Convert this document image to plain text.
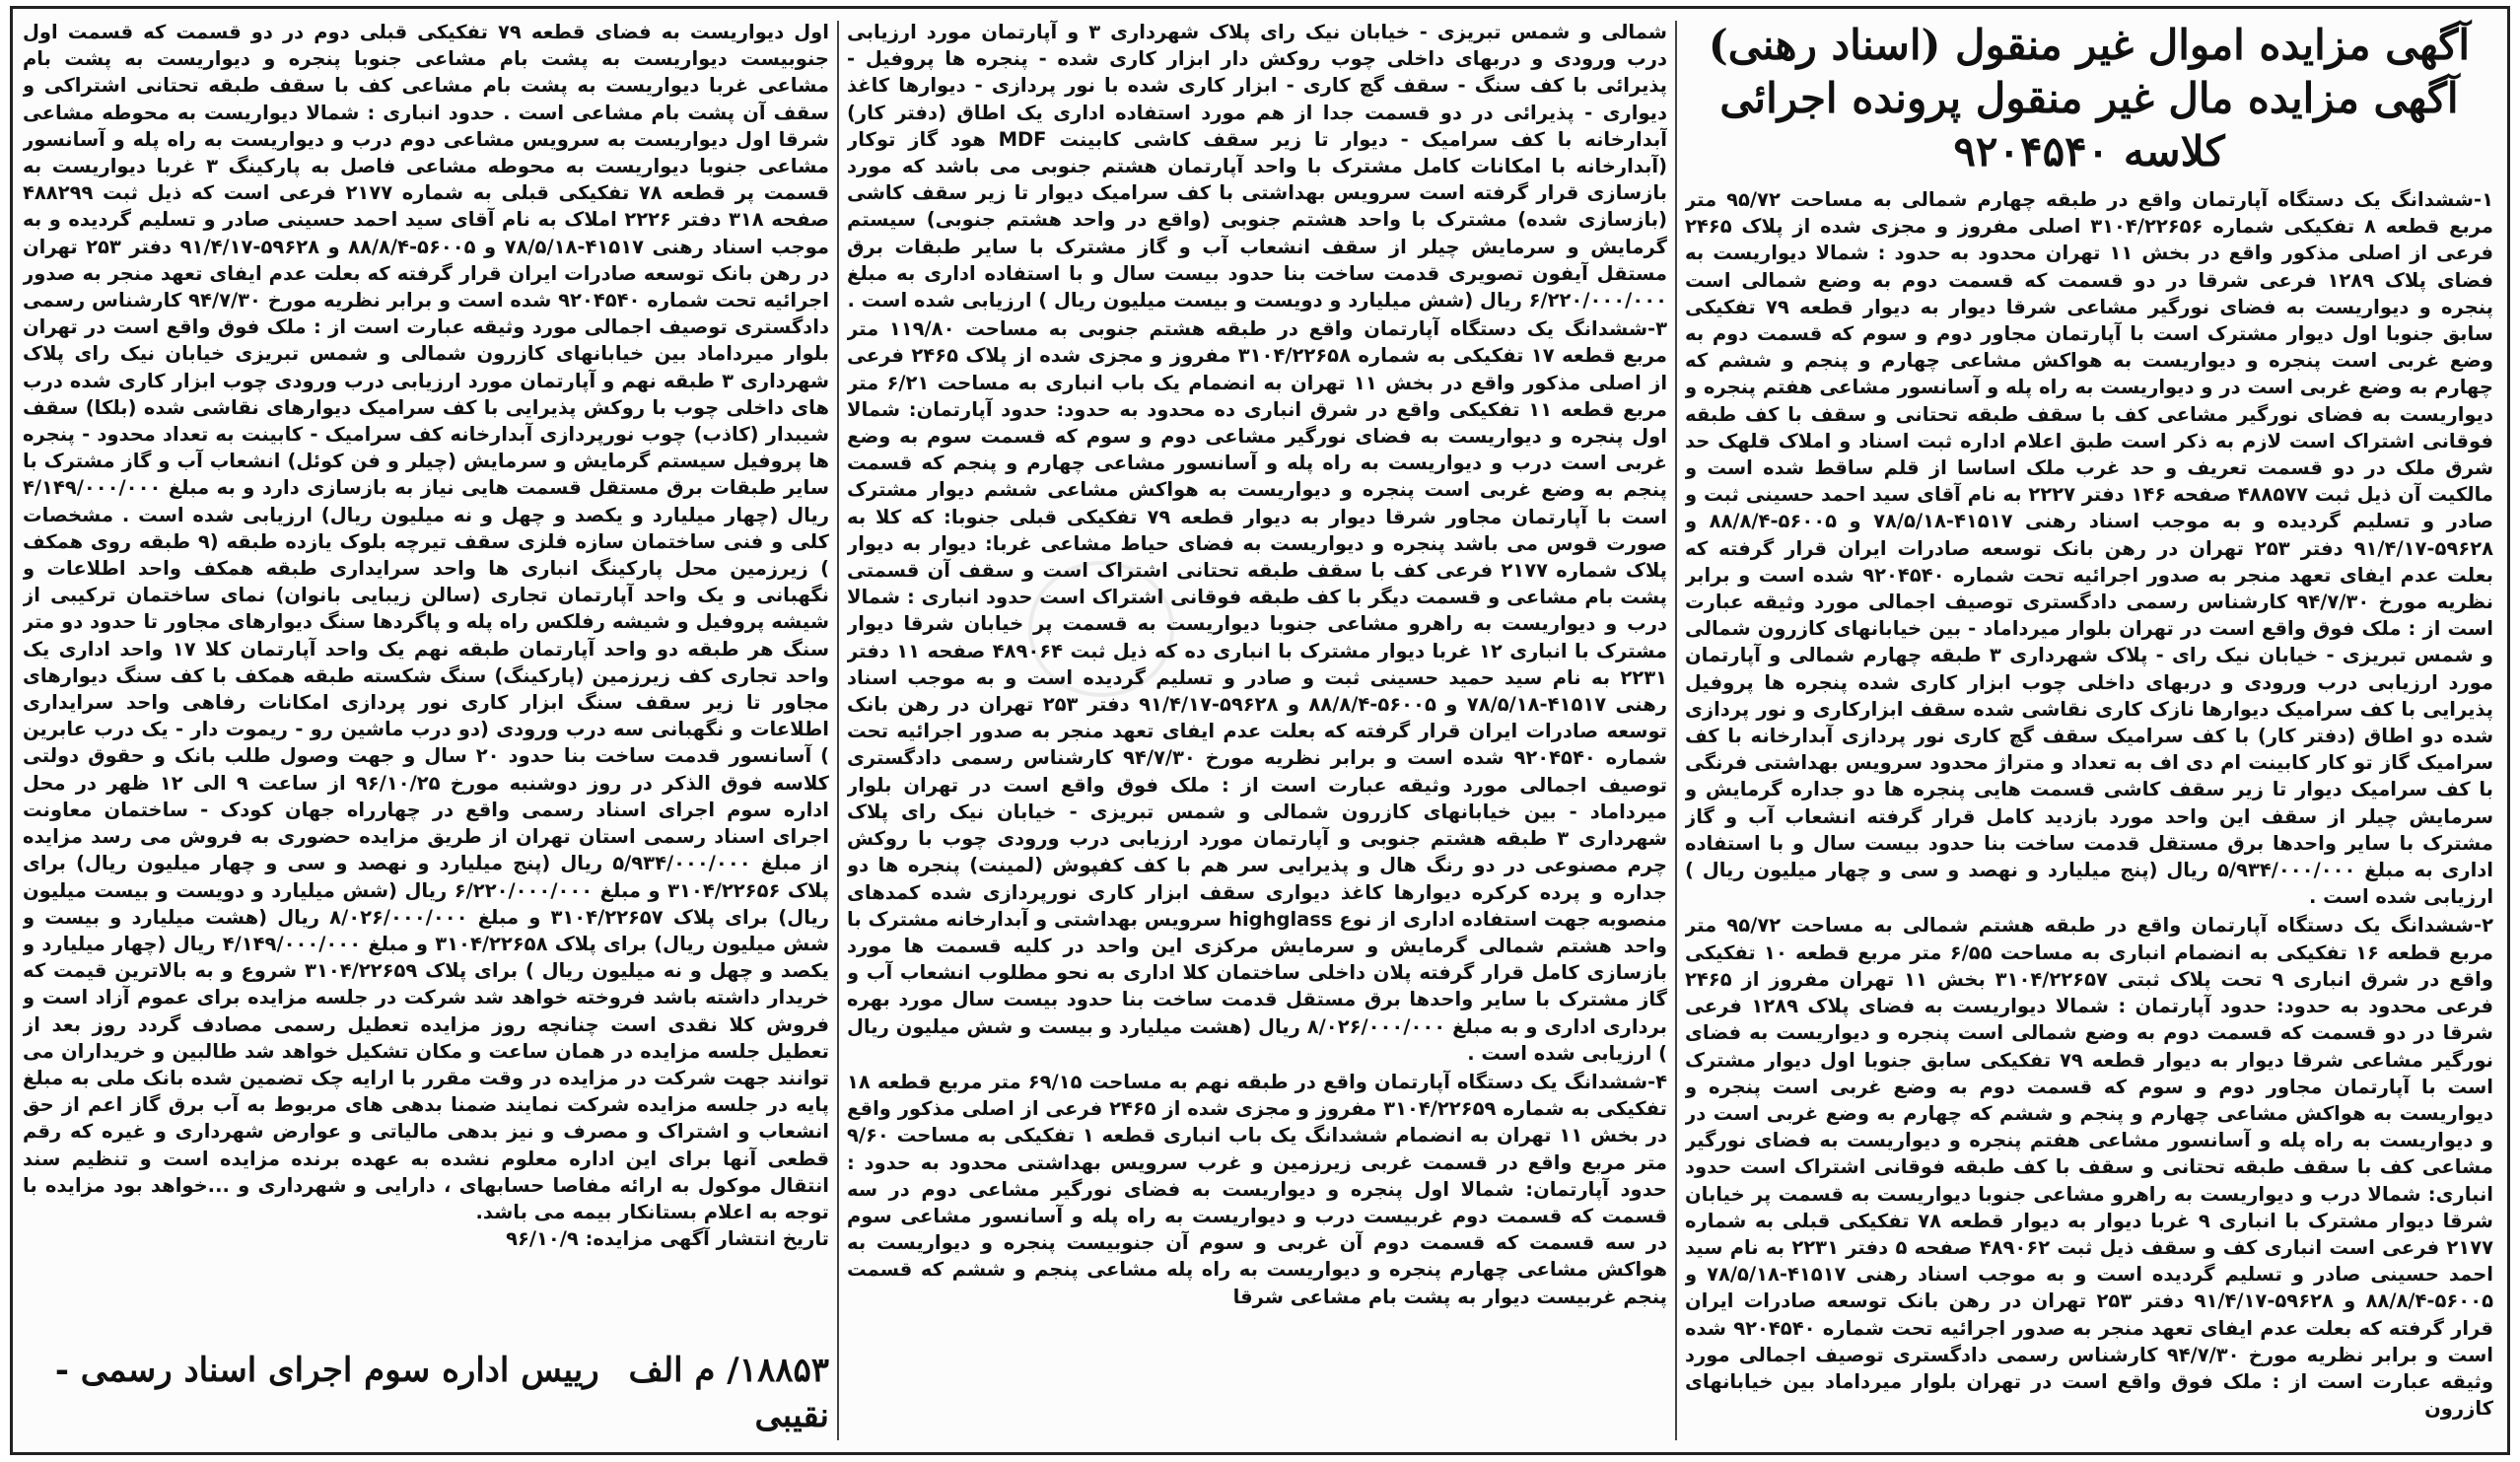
آگهی مزایده اموال غیر منقول (اسناد رهنی)
آگهی مزایده مال غیر منقول پرونده اجرائی کلاسه ۹۲۰۴۵۴۰

۱-ششدانگ یک دستگاه آپارتمان واقع در طبقه چهارم شمالی به مساحت ۹۵/۷۲ متر مربع قطعه ۸ تفکیکی شماره ۳۱۰۴/۲۲۶۵۶ اصلی مفروز و مجزی شده از پلاک ۲۴۶۵ فرعی از اصلی مذکور واقع در بخش ۱۱ تهران محدود به حدود : شمالا دیواریست به فضای پلاک ۱۲۸۹ فرعی شرقا در دو قسمت که قسمت دوم به وضع شمالی است پنجره و دیواریست به فضای نورگیر مشاعی شرقا دیوار به دیوار قطعه ۷۹ تفکیکی سابق جنوبا اول دیوار مشترک است با آپارتمان مجاور دوم و سوم که قسمت دوم به وضع غربی است پنجره و دیواریست به هواکش مشاعی چهارم و پنجم و ششم که چهارم به وضع غربی است در و دیواریست به راه پله و آسانسور مشاعی هفتم پنجره و دیواریست به فضای نورگیر مشاعی کف با سقف طبقه تحتانی و سقف با کف طبقه فوقانی اشتراک است لازم به ذکر است طبق اعلام اداره ثبت اسناد و املاک قلهک حد شرق ملک در دو قسمت تعریف و حد غرب ملک اساسا از قلم ساقط شده است و مالکیت آن ذیل ثبت ۴۸۸۵۷۷ صفحه ۱۴۶ دفتر ۲۲۲۷ به نام آقای سید احمد حسینی ثبت و صادر و تسلیم گردیده و به موجب اسناد رهنی ۴۱۵۱۷-۷۸/۵/۱۸ و ۵۶۰۰۵-۸۸/۸/۴ و ۵۹۶۲۸-۹۱/۴/۱۷ دفتر ۲۵۳ تهران در رهن بانک توسعه صادرات ایران قرار گرفته که بعلت عدم ایفای تعهد منجر به صدور اجرائیه تحت شماره ۹۲۰۴۵۴۰ شده است و برابر نظریه مورخ ۹۴/۷/۳۰ کارشناس رسمی دادگستری توصیف اجمالی مورد وثیقه عبارت است از : ملک فوق واقع است در تهران بلوار میرداماد - بین خیابانهای کازرون شمالی و شمس تبریزی - خیابان نیک رای - پلاک شهرداری ۳ طبقه چهارم شمالی و آپارتمان مورد ارزیابی درب ورودی و دربهای داخلی چوب ابزار کاری شده پنجره ها پروفیل پذیرایی با کف سرامیک دیوارها نازک کاری نقاشی شده سقف ابزارکاری و نور پردازی شده دو اطاق (دفتر کار) با کف سرامیک سقف گچ کاری نور پردازی آبدارخانه با کف سرامیک گاز تو کار کابینت ام دی اف به تعداد و متراژ محدود سرویس بهداشتی فرنگی با کف سرامیک دیوار تا زیر سقف کاشی قسمت هایی پنجره ها دو جداره گرمایش و سرمایش چیلر از سقف این واحد مورد بازدید کامل قرار گرفته انشعاب آب و گاز مشترک با سایر واحدها برق مستقل قدمت ساخت بنا حدود بیست سال و با استفاده اداری به مبلغ ۵/۹۳۴/۰۰۰/۰۰۰ ریال (پنج میلیارد و نهصد و سی و چهار میلیون ریال ) ارزیابی شده است .

۲-ششدانگ یک دستگاه آپارتمان واقع در طبقه هشتم شمالی به مساحت ۹۵/۷۲ متر مربع قطعه ۱۶ تفکیکی به انضمام انباری به مساحت ۶/۵۵ متر مربع قطعه ۱۰ تفکیکی واقع در شرق انباری ۹ تحت پلاک ثبتی ۳۱۰۴/۲۲۶۵۷ بخش ۱۱ تهران مفروز از ۲۴۶۵ فرعی محدود به حدود: حدود آپارتمان : شمالا دیواریست به فضای پلاک ۱۲۸۹ فرعی شرقا در دو قسمت که قسمت دوم به وضع شمالی است پنجره و دیواریست به فضای نورگیر مشاعی شرقا دیوار به دیوار قطعه ۷۹ تفکیکی سابق جنوبا اول دیوار مشترک است با آپارتمان مجاور دوم و سوم که قسمت دوم به وضع غربی است پنجره و دیواریست به هواکش مشاعی چهارم و پنجم و ششم که چهارم به وضع غربی است در و دیواریست به راه پله و آسانسور مشاعی هفتم پنجره و دیواریست به فضای نورگیر مشاعی کف با سقف طبقه تحتانی و سقف با کف طبقه فوقانی اشتراک است حدود انباری: شمالا درب و دیواریست به راهرو مشاعی جنوبا دیواریست به قسمت پر خیابان شرقا دیوار مشترک با انباری ۹ غربا دیوار به دیوار قطعه ۷۸ تفکیکی قبلی به شماره ۲۱۷۷ فرعی است انباری کف و سقف ذیل ثبت ۴۸۹۰۶۲ صفحه ۵ دفتر ۲۲۳۱ به نام سید احمد حسینی صادر و تسلیم گردیده است و به موجب اسناد رهنی ۴۱۵۱۷-۷۸/۵/۱۸ و ۵۶۰۰۵-۸۸/۸/۴ و ۵۹۶۲۸-۹۱/۴/۱۷ دفتر ۲۵۳ تهران در رهن بانک توسعه صادرات ایران قرار گرفته که بعلت عدم ایفای تعهد منجر به صدور اجرائیه تحت شماره ۹۲۰۴۵۴۰ شده است و برابر نظریه مورخ ۹۴/۷/۳۰ کارشناس رسمی دادگستری توصیف اجمالی مورد وثیقه عبارت است از : ملک فوق واقع است در تهران بلوار میرداماد بین خیابانهای کازرون

شمالی و شمس تبریزی - خیابان نیک رای پلاک شهرداری ۳ و آپارتمان مورد ارزیابی درب ورودی و دربهای داخلی چوب روکش دار ابزار کاری شده - پنجره ها پروفیل - پذیرائی با کف سنگ - سقف گچ کاری - ابزار کاری شده با نور پردازی - دیوارها کاغذ دیواری - پذیرائی در دو قسمت جدا از هم مورد استفاده اداری یک اطاق (دفتر کار) آبدارخانه با کف سرامیک - دیوار تا زیر سقف کاشی کابینت MDF هود گاز توکار (آبدارخانه با امکانات کامل مشترک با واحد آپارتمان هشتم جنوبی می باشد که مورد بازسازی قرار گرفته است سرویس بهداشتی با کف سرامیک دیوار تا زیر سقف کاشی (بازسازی شده) مشترک با واحد هشتم جنوبی (واقع در واحد هشتم جنوبی) سیستم گرمایش و سرمایش چیلر از سقف انشعاب آب و گاز مشترک با سایر طبقات برق مستقل آیفون تصویری قدمت ساخت بنا حدود بیست سال و با استفاده اداری به مبلغ ۶/۲۲۰/۰۰۰/۰۰۰ ریال (شش میلیارد و دویست و بیست میلیون ریال ) ارزیابی شده است .

۳-ششدانگ یک دستگاه آپارتمان واقع در طبقه هشتم جنوبی به مساحت ۱۱۹/۸۰ متر مربع قطعه ۱۷ تفکیکی به شماره ۳۱۰۴/۲۲۶۵۸ مفروز و مجزی شده از پلاک ۲۴۶۵ فرعی از اصلی مذکور واقع در بخش ۱۱ تهران به انضمام یک باب انباری به مساحت ۶/۲۱ متر مربع قطعه ۱۱ تفکیکی واقع در شرق انباری ده محدود به حدود: حدود آپارتمان: شمالا اول پنجره و دیواریست به فضای نورگیر مشاعی دوم و سوم که قسمت سوم به وضع غربی است درب و دیواریست به راه پله و آسانسور مشاعی چهارم و پنجم که قسمت پنجم به وضع غربی است پنجره و دیواریست به هواکش مشاعی ششم دیوار مشترک است با آپارتمان مجاور شرقا دیوار به دیوار قطعه ۷۹ تفکیکی قبلی جنوبا: که کلا به صورت قوس می باشد پنجره و دیواریست به فضای حیاط مشاعی غربا: دیوار به دیوار پلاک شماره ۲۱۷۷ فرعی کف با سقف طبقه تحتانی اشتراک است و سقف آن قسمتی پشت بام مشاعی و قسمت دیگر با کف طبقه فوقانی اشتراک است حدود انباری : شمالا درب و دیواریست به راهرو مشاعی جنوبا دیواریست به قسمت پر خیابان شرقا دیوار مشترک با انباری ۱۲ غربا دیوار مشترک با انباری ده که ذیل ثبت ۴۸۹۰۶۴ صفحه ۱۱ دفتر ۲۲۳۱ به نام سید حمید حسینی ثبت و صادر و تسلیم گردیده است و به موجب اسناد رهنی ۴۱۵۱۷-۷۸/۵/۱۸ و ۵۶۰۰۵-۸۸/۸/۴ و ۵۹۶۲۸-۹۱/۴/۱۷ دفتر ۲۵۳ تهران در رهن بانک توسعه صادرات ایران قرار گرفته که بعلت عدم ایفای تعهد منجر به صدور اجرائیه تحت شماره ۹۲۰۴۵۴۰ شده است و برابر نظریه مورخ ۹۴/۷/۳۰ کارشناس رسمی دادگستری توصیف اجمالی مورد وثیقه عبارت است از : ملک فوق واقع است در تهران بلوار میرداماد - بین خیابانهای کازرون شمالی و شمس تبریزی - خیابان نیک رای پلاک شهرداری ۳ طبقه هشتم جنوبی و آپارتمان مورد ارزیابی درب ورودی چوب با روکش چرم مصنوعی در دو رنگ هال و پذیرایی سر هم با کف کفپوش (لمینت) پنجره ها دو جداره و پرده کرکره دیوارها کاغذ دیواری سقف ابزار کاری نورپردازی شده کمدهای منصوبه جهت استفاده اداری از نوع highglass سرویس بهداشتی و آبدارخانه مشترک با واحد هشتم شمالی گرمایش و سرمایش مرکزی این واحد در کلیه قسمت ها مورد بازسازی کامل قرار گرفته پلان داخلی ساختمان کلا اداری به نحو مطلوب انشعاب آب و گاز مشترک با سایر واحدها برق مستقل قدمت ساخت بنا حدود بیست سال مورد بهره برداری اداری و به مبلغ ۸/۰۲۶/۰۰۰/۰۰۰ ریال (هشت میلیارد و بیست و شش میلیون ریال ) ارزیابی شده است .

۴-ششدانگ یک دستگاه آپارتمان واقع در طبقه نهم به مساحت ۶۹/۱۵ متر مربع قطعه ۱۸ تفکیکی به شماره ۳۱۰۴/۲۲۶۵۹ مفروز و مجزی شده از ۲۴۶۵ فرعی از اصلی مذکور واقع در بخش ۱۱ تهران به انضمام ششدانگ یک باب انباری قطعه ۱ تفکیکی به مساحت ۹/۶۰ متر مربع واقع در قسمت غربی زیرزمین و غرب سرویس بهداشتی محدود به حدود : حدود آپارتمان: شمالا اول پنجره و دیواریست به فضای نورگیر مشاعی دوم در سه قسمت که قسمت دوم غربیست درب و دیواریست به راه پله و آسانسور مشاعی سوم در سه قسمت که قسمت دوم آن غربی و سوم آن جنوبیست پنجره و دیواریست به هواکش مشاعی چهارم پنجره و دیواریست به راه پله مشاعی پنجم و ششم که قسمت پنجم غربیست دیوار به پشت بام مشاعی شرقا

اول دیواریست به فضای قطعه ۷۹ تفکیکی قبلی دوم در دو قسمت که قسمت اول جنوبیست دیواریست به پشت بام مشاعی جنوبا پنجره و دیواریست به پشت بام مشاعی غربا دیواریست به پشت بام مشاعی کف با سقف طبقه تحتانی اشتراکی و سقف آن پشت بام مشاعی است . حدود انباری : شمالا دیواریست به محوطه مشاعی شرقا اول دیواریست به سرویس مشاعی دوم درب و دیواریست به راه پله و آسانسور مشاعی جنوبا دیواریست به محوطه مشاعی فاصل به پارکینگ ۳ غربا دیواریست به قسمت پر قطعه ۷۸ تفکیکی قبلی به شماره ۲۱۷۷ فرعی است که ذیل ثبت ۴۸۸۲۹۹ صفحه ۳۱۸ دفتر ۲۲۲۶ املاک به نام آقای سید احمد حسینی صادر و تسلیم گردیده و به موجب اسناد رهنی ۴۱۵۱۷-۷۸/۵/۱۸ و ۵۶۰۰۵-۸۸/۸/۴ و ۵۹۶۲۸-۹۱/۴/۱۷ دفتر ۲۵۳ تهران در رهن بانک توسعه صادرات ایران قرار گرفته که بعلت عدم ایفای تعهد منجر به صدور اجرائیه تحت شماره ۹۲۰۴۵۴۰ شده است و برابر نظریه مورخ ۹۴/۷/۳۰ کارشناس رسمی دادگستری توصیف اجمالی مورد وثیقه عبارت است از : ملک فوق واقع است در تهران بلوار میرداماد بین خیابانهای کازرون شمالی و شمس تبریزی خیابان نیک رای پلاک شهرداری ۳ طبقه نهم و آپارتمان مورد ارزیابی درب ورودی چوب ابزار کاری شده درب های داخلی چوب با روکش پذیرایی با کف سرامیک دیوارهای نقاشی شده (بلکا) سقف شیبدار (کاذب) چوب نورپردازی آبدارخانه کف سرامیک - کابینت به تعداد محدود - پنجره ها پروفیل سیستم گرمایش و سرمایش (چیلر و فن کوئل) انشعاب آب و گاز مشترک با سایر طبقات برق مستقل قسمت هایی نیاز به بازسازی دارد و به مبلغ ۴/۱۴۹/۰۰۰/۰۰۰ ریال (چهار میلیارد و یکصد و چهل و نه میلیون ریال) ارزیابی شده است . مشخصات کلی و فنی ساختمان سازه فلزی سقف تیرچه بلوک یازده طبقه (۹ طبقه روی همکف ) زیرزمین محل پارکینگ انباری ها واحد سرایداری طبقه همکف واحد اطلاعات و نگهبانی و یک واحد آپارتمان تجاری (سالن زیبایی بانوان) نمای ساختمان ترکیبی از شیشه پروفیل و شیشه رفلکس راه پله و پاگردها سنگ دیوارهای مجاور تا حدود دو متر سنگ هر طبقه دو واحد آپارتمان طبقه نهم یک واحد آپارتمان کلا ۱۷ واحد اداری یک واحد تجاری کف زیرزمین (پارکینگ) سنگ شکسته طبقه همکف با کف سنگ دیوارهای مجاور تا زیر سقف سنگ ابزار کاری نور پردازی امکانات رفاهی واحد سرایداری اطلاعات و نگهبانی سه درب ورودی (دو درب ماشین رو - ریموت دار - یک درب عابرین ) آسانسور قدمت ساخت بنا حدود ۲۰ سال و جهت وصول طلب بانک و حقوق دولتی کلاسه فوق الذکر در روز دوشنبه مورخ ۹۶/۱۰/۲۵ از ساعت ۹ الی ۱۲ ظهر در محل اداره سوم اجرای اسناد رسمی واقع در چهارراه جهان کودک - ساختمان معاونت اجرای اسناد رسمی استان تهران از طریق مزایده حضوری به فروش می رسد مزایده از مبلغ ۵/۹۳۴/۰۰۰/۰۰۰ ریال (پنج میلیارد و نهصد و سی و چهار میلیون ریال) برای پلاک ۳۱۰۴/۲۲۶۵۶ و مبلغ ۶/۲۲۰/۰۰۰/۰۰۰ ریال (شش میلیارد و دویست و بیست میلیون ریال) برای پلاک ۳۱۰۴/۲۲۶۵۷ و مبلغ ۸/۰۲۶/۰۰۰/۰۰۰ ریال (هشت میلیارد و بیست و شش میلیون ریال) برای پلاک ۳۱۰۴/۲۲۶۵۸ و مبلغ ۴/۱۴۹/۰۰۰/۰۰۰ ریال (چهار میلیارد و یکصد و چهل و نه میلیون ریال ) برای پلاک ۳۱۰۴/۲۲۶۵۹ شروع و به بالاترین قیمت که خریدار داشته باشد فروخته خواهد شد شرکت در جلسه مزایده برای عموم آزاد است و فروش کلا نقدی است چنانچه روز مزایده تعطیل رسمی مصادف گردد روز بعد از تعطیل جلسه مزایده در همان ساعت و مکان تشکیل خواهد شد طالبین و خریداران می توانند جهت شرکت در مزایده در وقت مقرر با ارایه چک تضمین شده بانک ملی به مبلغ پایه در جلسه مزایده شرکت نمایند ضمنا بدهی های مربوط به آب برق گاز اعم از حق انشعاب و اشتراک و مصرف و نیز بدهی مالیاتی و عوارض شهرداری و غیره که رقم قطعی آنها برای این اداره معلوم نشده به عهده برنده مزایده است و تنظیم سند انتقال موکول به ارائه مفاصا حسابهای ، دارایی و شهرداری و ...خواهد بود مزایده با توجه به اعلام بستانکار بیمه می باشد.

تاریخ انتشار آگهی مزایده: ۹۶/۱۰/۹

۱۸۸۵۳/ م الف رییس اداره سوم اجرای اسناد رسمی - نقیبی
